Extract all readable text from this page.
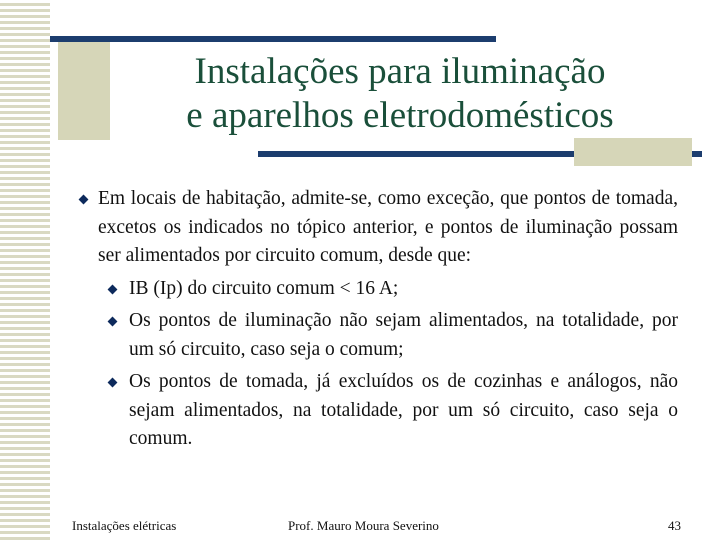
Instalações para iluminação
e aparelhos eletrodomésticos
Em locais de habitação, admite-se, como exceção, que pontos de tomada, excetos os indicados no tópico anterior, e pontos de iluminação possam ser alimentados por circuito comum, desde que:
IB (Ip) do circuito comum < 16 A;
Os pontos de iluminação não sejam alimentados, na totalidade, por um só circuito, caso seja o comum;
Os pontos de tomada, já excluídos os de cozinhas e análogos, não sejam alimentados, na totalidade, por um só circuito, caso seja o comum.
Instalações elétricas	Prof. Mauro Moura Severino	43
